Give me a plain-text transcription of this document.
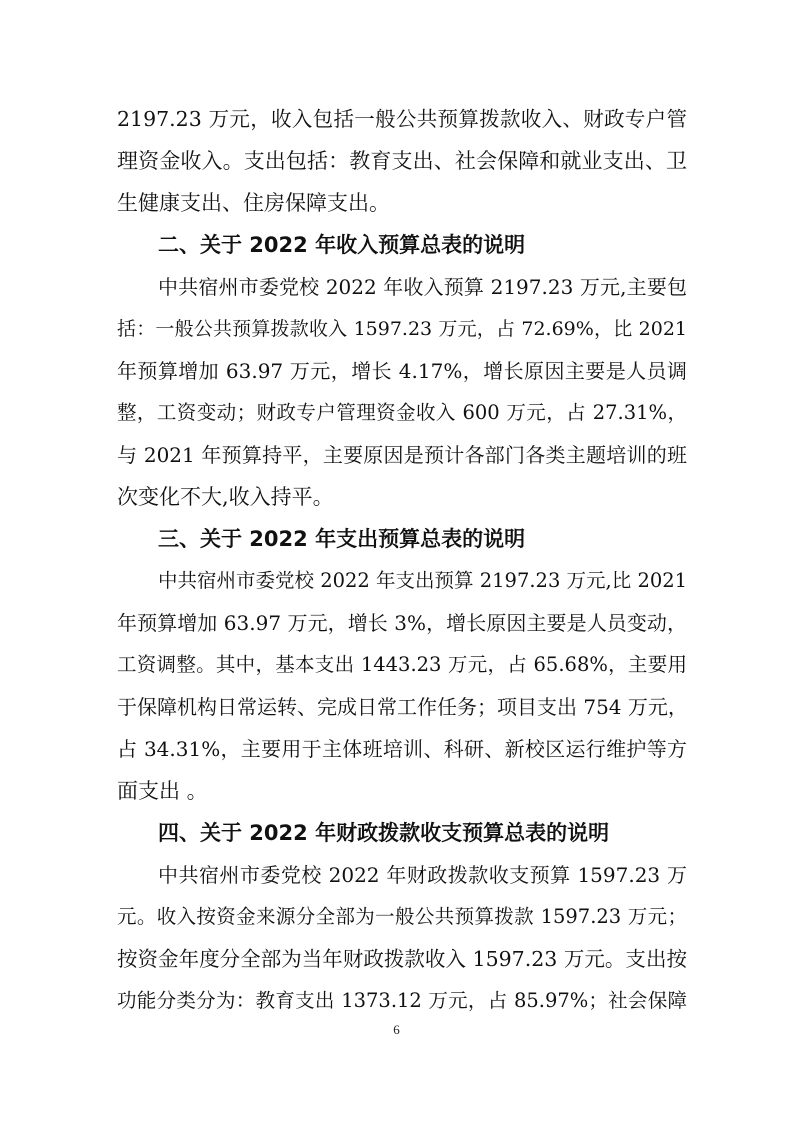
2197.23 万元，收入包括一般公共预算拨款收入、财政专户管
理资金收入。支出包括：教育支出、社会保障和就业支出、卫
生健康支出、住房保障支出。
二、关于 2022 年收入预算总表的说明
中共宿州市委党校 2022 年收入预算 2197.23 万元,主要包
括：一般公共预算拨款收入 1597.23 万元，占 72.69%，比 2021
年预算增加 63.97 万元，增长 4.17%，增长原因主要是人员调
整，工资变动；财政专户管理资金收入 600 万元，占 27.31%，
与 2021 年预算持平，主要原因是预计各部门各类主题培训的班
次变化不大,收入持平。
三、关于 2022 年支出预算总表的说明
中共宿州市委党校 2022 年支出预算 2197.23 万元,比 2021
年预算增加 63.97 万元，增长 3%，增长原因主要是人员变动，
工资调整。其中，基本支出 1443.23 万元，占 65.68%，主要用
于保障机构日常运转、完成日常工作任务；项目支出 754 万元，
占 34.31%，主要用于主体班培训、科研、新校区运行维护等方
面支出 。
四、关于 2022 年财政拨款收支预算总表的说明
中共宿州市委党校 2022 年财政拨款收支预算 1597.23 万
元。收入按资金来源分全部为一般公共预算拨款 1597.23 万元；
按资金年度分全部为当年财政拨款收入 1597.23 万元。支出按
功能分类分为：教育支出 1373.12 万元，占 85.97%；社会保障
6
